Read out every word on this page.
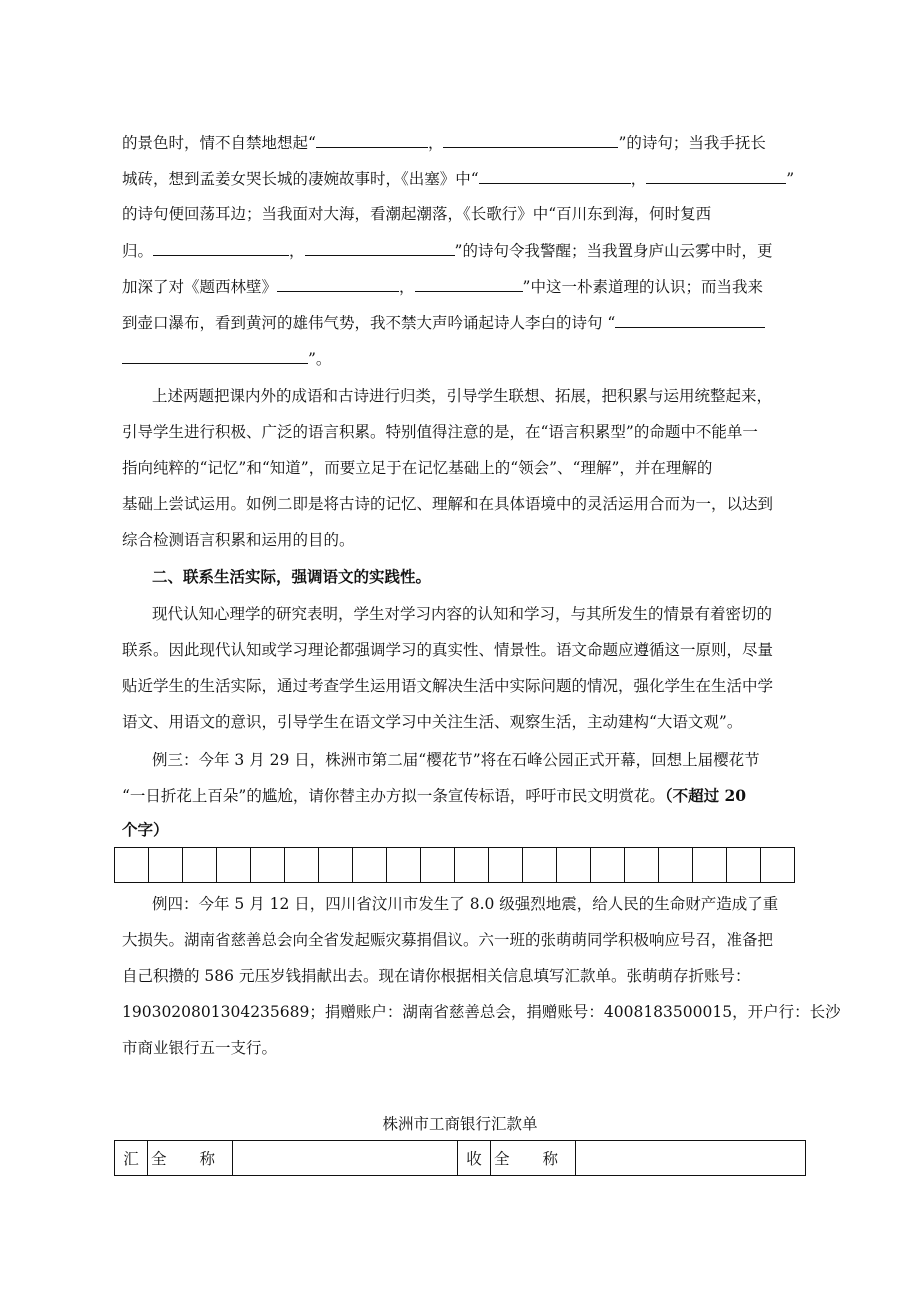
的景色时，情不自禁地想起“	，	”的诗句；当我手抚长
城砖，想到孟姜女哭长城的凄婉故事时，《出塞》中“	，	”
的诗句便回荡耳边；当我面对大海，看潮起潮落，《长歌行》中“百川东到海，何时复西
归。	，	”的诗句令我警醒；当我置身庐山云雾中时，更
加深了对《题西林壁》	，	”中这一朴素道理的认识；而当我来
到壶口瀑布，看到黄河的雄伟气势，我不禁大声吟诵起诗人李白的诗句 “
”。
上述两题把课内外的成语和古诗进行归类，引导学生联想、拓展，把积累与运用统整起来，
引导学生进行积极、广泛的语言积累。特别值得注意的是，在“语言积累型”的命题中不能单一
指向纯粹的“记忆”和“知道”，而要立足于在记忆基础上的“领会”、“理解”，并在理解的
基础上尝试运用。如例二即是将古诗的记忆、理解和在具体语境中的灵活运用合而为一，以达到
综合检测语言积累和运用的目的。
二、联系生活实际，强调语文的实践性。
现代认知心理学的研究表明，学生对学习内容的认知和学习，与其所发生的情景有着密切的
联系。因此现代认知或学习理论都强调学习的真实性、情景性。语文命题应遵循这一原则，尽量
贴近学生的生活实际，通过考查学生运用语文解决生活中实际问题的情况，强化学生在生活中学
语文、用语文的意识，引导学生在语文学习中关注生活、观察生活，主动建构“大语文观”。
例三：今年 3 月 29 日，株洲市第二届“樱花节”将在石峰公园正式开幕，回想上届樱花节
“一日折花上百朵”的尴尬，请你替主办方拟一条宣传标语，呼吁市民文明赏花。（不超过 20
个字）

例四：今年 5 月 12 日，四川省汶川市发生了 8.0 级强烈地震，给人民的生命财产造成了重
大损失。湖南省慈善总会向全省发起赈灾募捐倡议。六一班的张萌萌同学积极响应号召，准备把
自己积攒的 586 元压岁钱捐献出去。现在请你根据相关信息填写汇款单。张萌萌存折账号：
1903020801304235689；捐赠账户：湖南省慈善总会，捐赠账号：4008183500015，开户行：长沙
市商业银行五一支行。
株洲市工商银行汇款单
汇	全 称		收	全 称	
